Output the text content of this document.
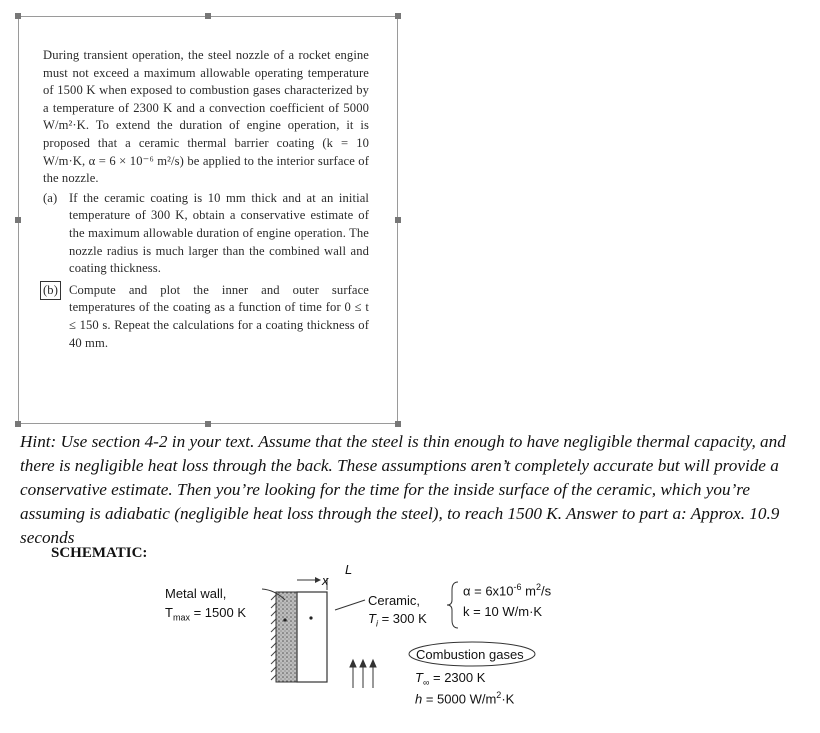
During transient operation, the steel nozzle of a rocket engine must not exceed a maximum allowable operating temperature of 1500 K when exposed to combustion gases characterized by a temperature of 2300 K and a convection coefficient of 5000 W/m²·K. To extend the duration of engine operation, it is proposed that a ceramic thermal barrier coating (k = 10 W/m·K, α = 6 × 10⁻⁶ m²/s) be applied to the interior surface of the nozzle.

(a) If the ceramic coating is 10 mm thick and at an initial temperature of 300 K, obtain a conservative estimate of the maximum allowable duration of engine operation. The nozzle radius is much larger than the combined wall and coating thickness.
(b) Compute and plot the inner and outer surface temperatures of the coating as a function of time for 0 ≤ t ≤ 150 s. Repeat the calculations for a coating thickness of 40 mm.
Hint: Use section 4-2 in your text. Assume that the steel is thin enough to have negligible thermal capacity, and there is negligible heat loss through the back. These assumptions aren’t completely accurate but will provide a conservative estimate. Then you’re looking for the time for the inside surface of the ceramic, which you’re assuming is adiabatic (negligible heat loss through the steel), to reach 1500 K. Answer to part a: Approx. 10.9 seconds
SCHEMATIC:
Metal wall,
$T_{max} = 1500$ K
x
L
Ceramic,
$T_i = 300$ K
$\alpha = 6x10^{-6}$ $m^2/s$
k = 10 W/m·K
Combustion gases
$T_\infty = 2300$ K
h = 5000 $W/m^2\cdot K$
